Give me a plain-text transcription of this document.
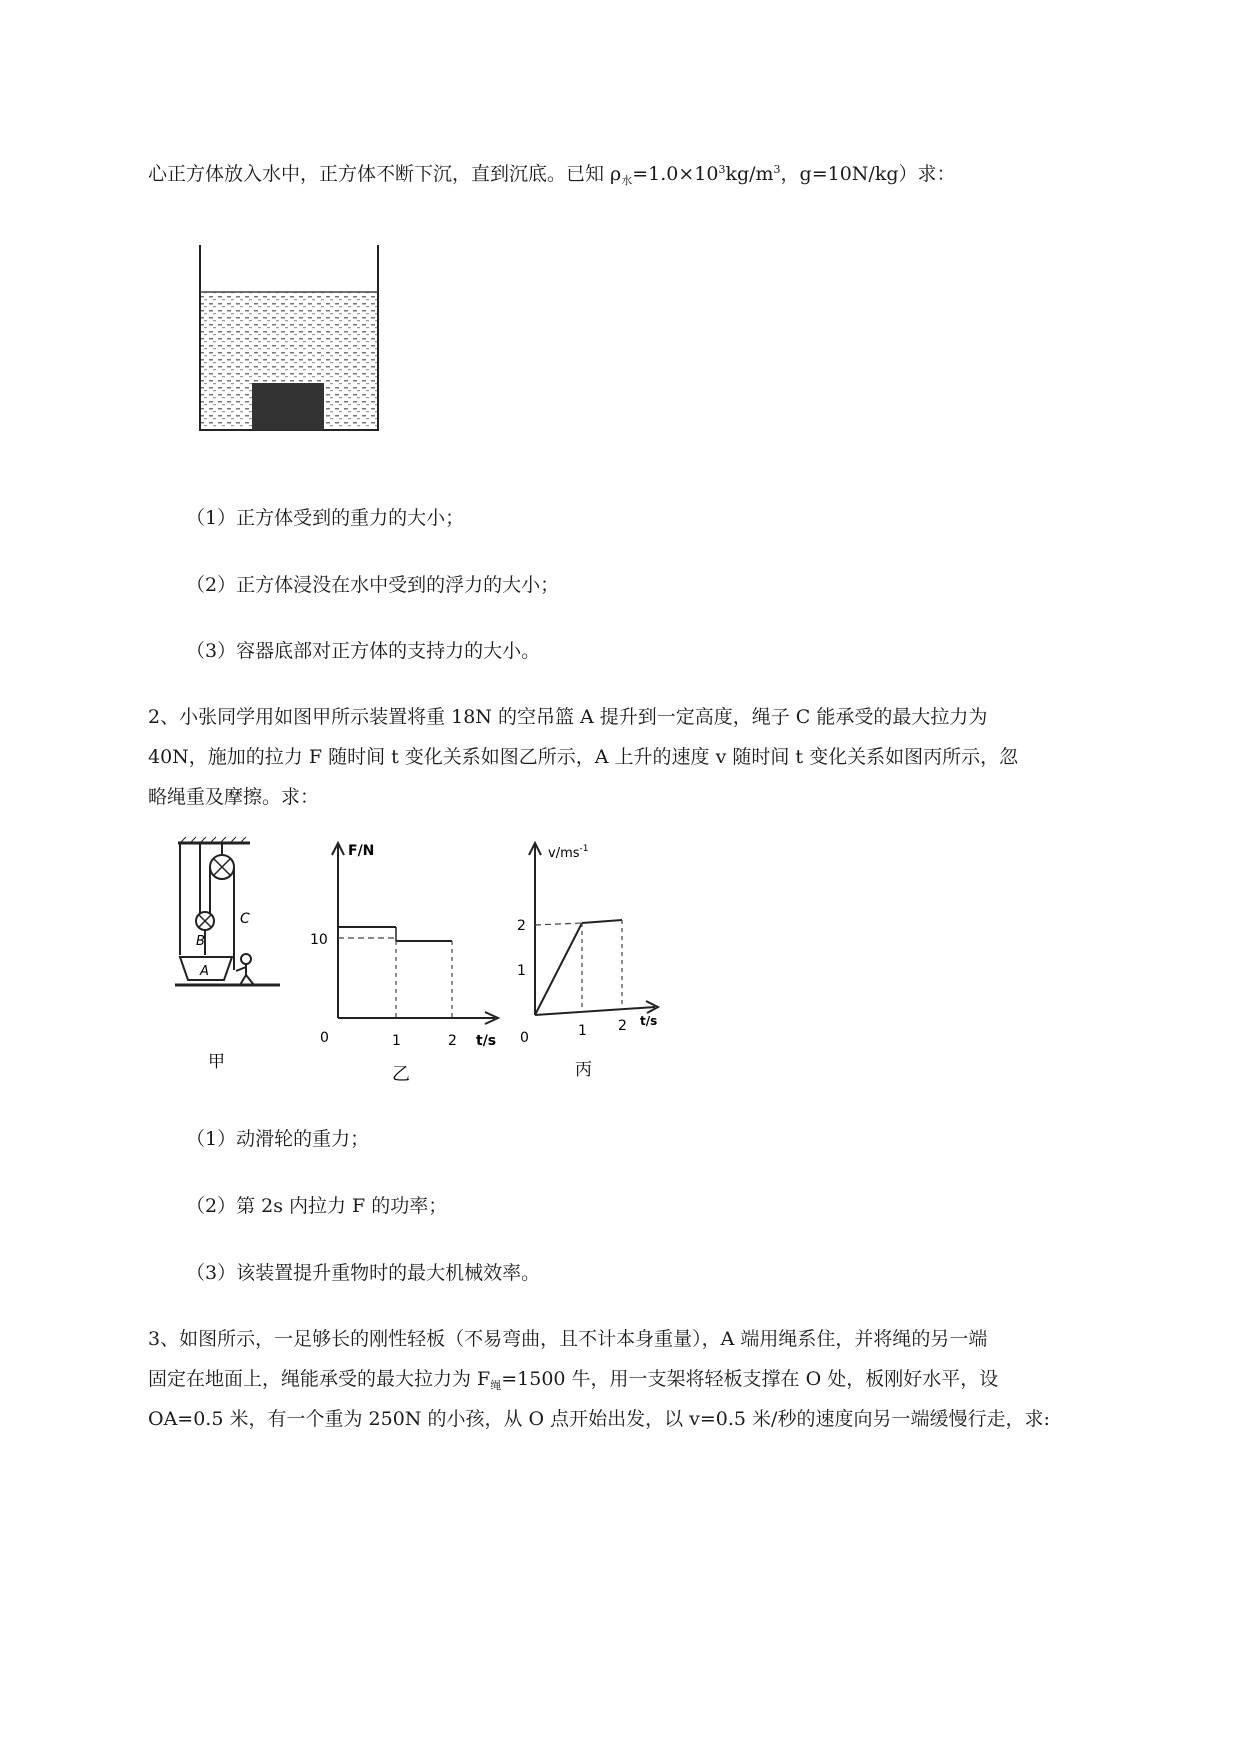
心正方体放入水中，正方体不断下沉，直到沉底。已知 $\rho_水=1.0\times 10^3kg/m^3$，g=10N/kg）求：
（1）正方体受到的重力的大小；
（2）正方体浸没在水中受到的浮力的大小；
（3）容器底部对正方体的支持力的大小。
2、小张同学用如图甲所示装置将重 18N 的空吊篮 A 提升到一定高度，绳子 C 能承受的最大拉力为
40N，施加的拉力 F 随时间 t 变化关系如图乙所示，A 上升的速度 v 随时间 t 变化关系如图丙所示，忽
略绳重及摩擦。求：
B
C
A
甲
F/N
10
0	1	2 t/s
乙
$v/ms^{-1}$
2
1
0	1 2 t/s
丙
（1）动滑轮的重力；
（2）第 2s 内拉力 F 的功率；
（3）该装置提升重物时的最大机械效率。
3、如图所示，一足够长的刚性轻板（不易弯曲，且不计本身重量），A 端用绳系住，并将绳的另一端
固定在地面上，绳能承受的最大拉力为 $F_绳=1500$ 牛，用一支架将轻板支撑在 O 处，板刚好水平，设
OA=0.5 米，有一个重为 250N 的小孩，从 O 点开始出发，以 v=0.5 米/秒的速度向另一端缓慢行走，求:
